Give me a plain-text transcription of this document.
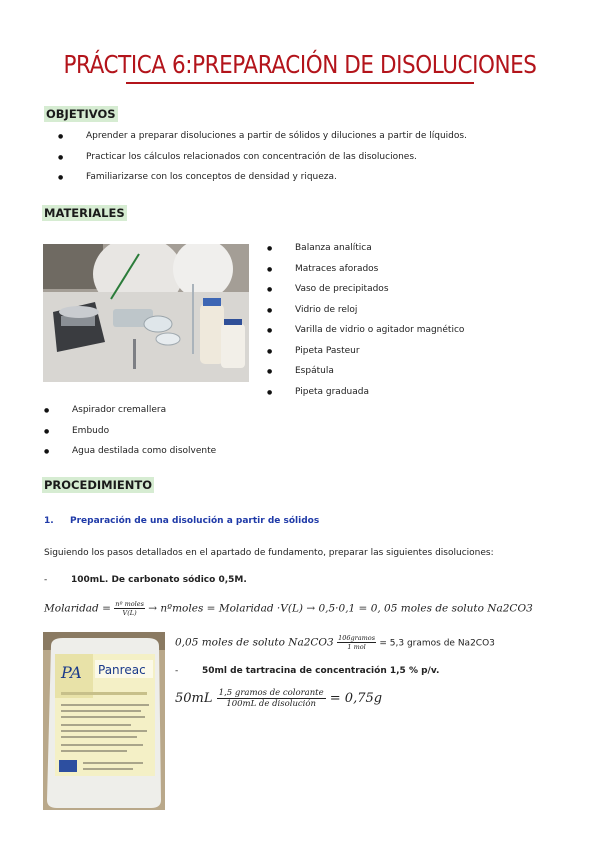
PRÁCTICA 6:PREPARACIÓN DE DISOLUCIONES
OBJETIVOS
● Aprender a preparar disoluciones a partir de sólidos y diluciones a partir de líquidos.
● Practicar los cálculos relacionados con concentración de las disoluciones.
● Familiarizarse con los conceptos de densidad y riqueza.
MATERIALES
● Balanza analítica
● Matraces aforados
● Vaso de precipitados
● Vidrio de reloj
● Varilla de vidrio o agitador magnético
● Pipeta Pasteur
● Espátula
● Pipeta graduada
● Aspirador cremallera
● Embudo
● Agua destilada como disolvente
PROCEDIMIENTO
1. Preparación de una disolución a partir de sólidos
Siguiendo los pasos detallados en el apartado de fundamento, preparar las siguientes disoluciones:
-	100mL. De carbonato sódico 0,5M.
Molaridad = $\frac{\text{nº moles}}{V(L)}$ → nºmoles = Molaridad ·V(L) → 0,5·0,1 = 0, 05 moles de soluto Na2CO3
PA Panreac
0,05 moles de soluto $Na2CO3 \frac{\text{106gramos}}{\text{1 mol}} = 5,3$ gramos de Na2CO3
-	50ml de tartracina de concentración 1,5 % p/v.
$50mL \frac{\text{1,5 gramos de colorante}}{\text{100mL de disolución}} = 0,75g$
